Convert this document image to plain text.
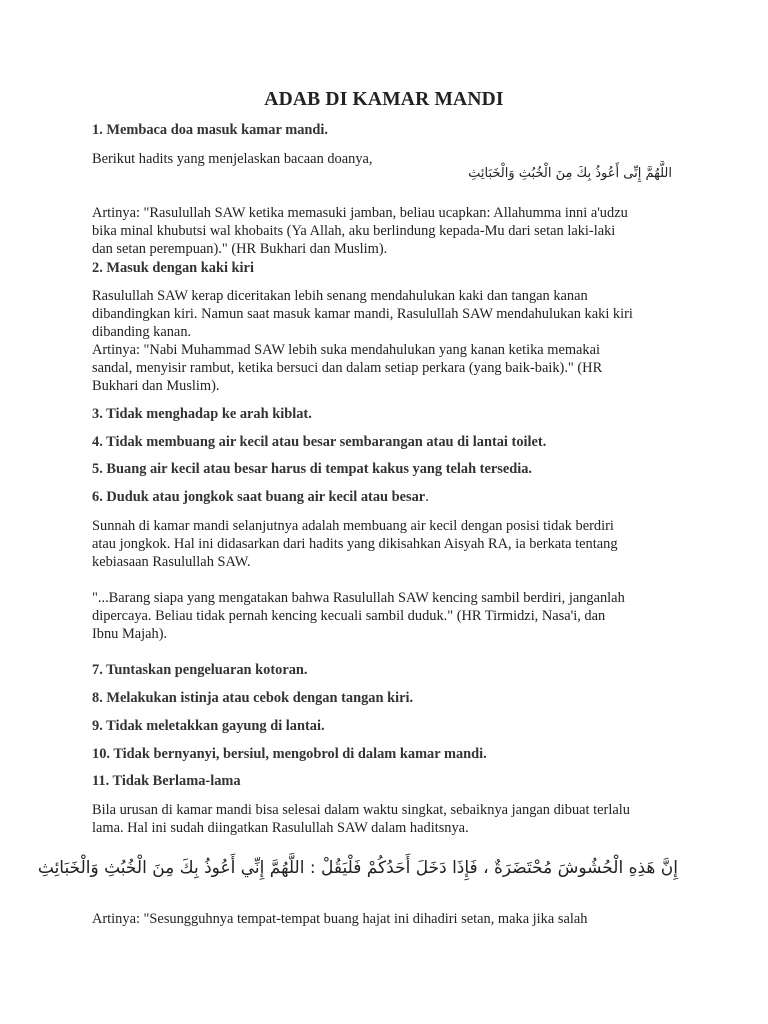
ADAB DI KAMAR MANDI
1. Membaca doa masuk kamar mandi.
Berikut hadits yang menjelaskan bacaan doanya,
اللَّهُمَّ إِنِّى أَعُوذُ بِكَ مِنَ الْخُبُثِ وَالْخَبَائِثِ
Artinya: "Rasulullah SAW ketika memasuki jamban, beliau ucapkan: Allahumma inni a'udzu
bika minal khubutsi wal khobaits (Ya Allah, aku berlindung kepada-Mu dari setan laki-laki
dan setan perempuan)." (HR Bukhari dan Muslim).
2. Masuk dengan kaki kiri
Rasulullah SAW kerap diceritakan lebih senang mendahulukan kaki dan tangan kanan
dibandingkan kiri. Namun saat masuk kamar mandi, Rasulullah SAW mendahulukan kaki kiri
dibanding kanan.
Artinya: "Nabi Muhammad SAW lebih suka mendahulukan yang kanan ketika memakai
sandal, menyisir rambut, ketika bersuci dan dalam setiap perkara (yang baik-baik)." (HR
Bukhari dan Muslim).
3. Tidak menghadap ke arah kiblat.
4. Tidak membuang air kecil atau besar sembarangan atau di lantai toilet.
5. Buang air kecil atau besar harus di tempat kakus yang telah tersedia.
6. Duduk atau jongkok saat buang air kecil atau besar.
Sunnah di kamar mandi selanjutnya adalah membuang air kecil dengan posisi tidak berdiri
atau jongkok. Hal ini didasarkan dari hadits yang dikisahkan Aisyah RA, ia berkata tentang
kebiasaan Rasulullah SAW.
"...Barang siapa yang mengatakan bahwa Rasulullah SAW kencing sambil berdiri, janganlah
dipercaya. Beliau tidak pernah kencing kecuali sambil duduk." (HR Tirmidzi, Nasa'i, dan
Ibnu Majah).
7. Tuntaskan pengeluaran kotoran.
8. Melakukan istinja atau cebok dengan tangan kiri.
9. Tidak meletakkan gayung di lantai.
10. Tidak bernyanyi, bersiul, mengobrol di dalam kamar mandi.
11. Tidak Berlama-lama
Bila urusan di kamar mandi bisa selesai dalam waktu singkat, sebaiknya jangan dibuat terlalu
lama. Hal ini sudah diingatkan Rasulullah SAW dalam haditsnya.
إِنَّ هَذِهِ الْحُشُوشَ مُحْتَضَرَةٌ ، فَإِذَا دَخَلَ أَحَدُكُمْ فَلْيَقُلْ : اللَّهُمَّ إِنِّي أَعُوذُ بِكَ مِنَ الْخُبُثِ وَالْخَبَائِثِ
Artinya: "Sesungguhnya tempat-tempat buang hajat ini dihadiri setan, maka jika salah
